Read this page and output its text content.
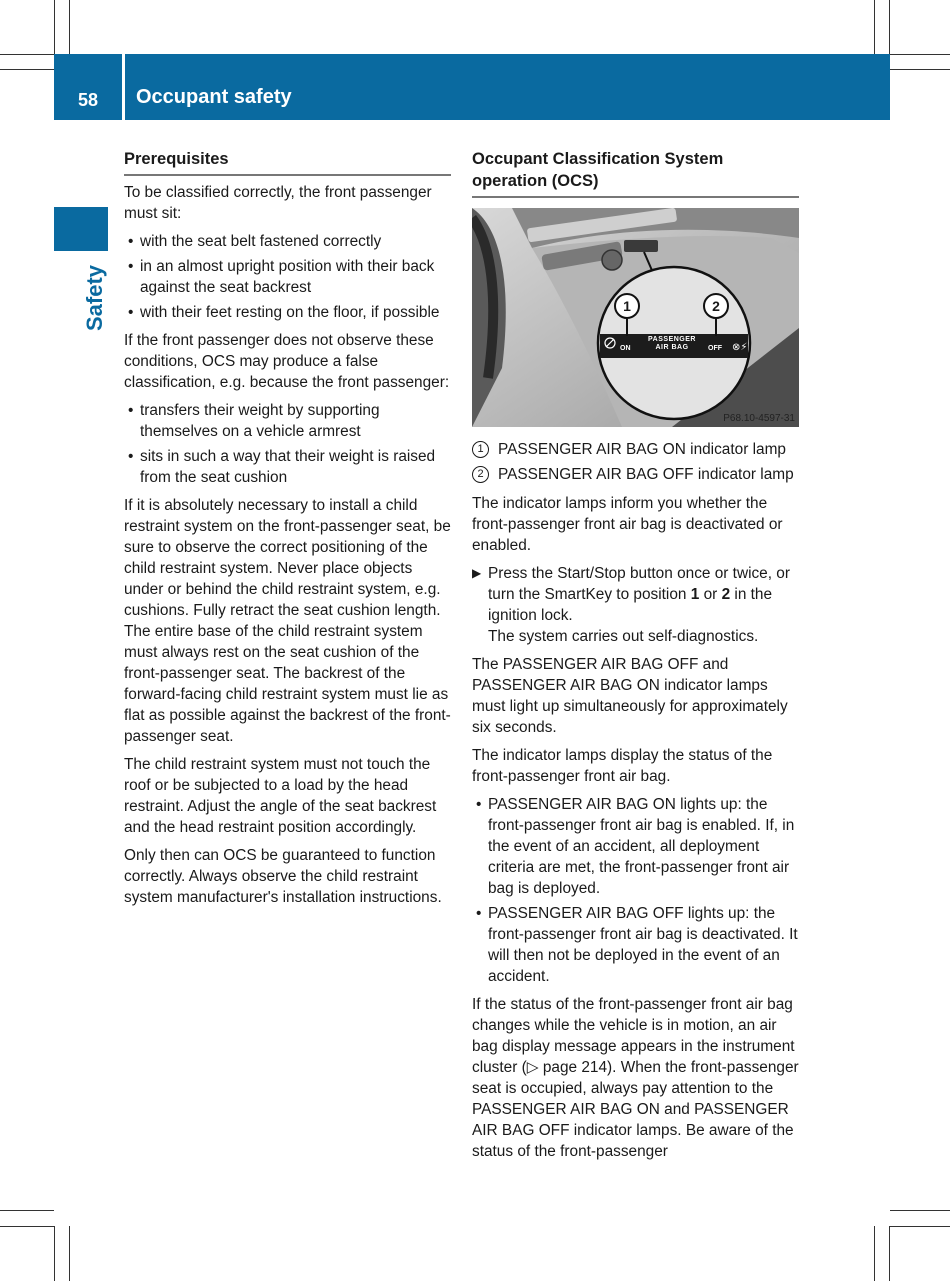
58 Occupant safety
Safety
Prerequisites

To be classified correctly, the front passenger must sit:

• with the seat belt fastened correctly
• in an almost upright position with their back against the seat backrest
• with their feet resting on the floor, if possible

If the front passenger does not observe these conditions, OCS may produce a false classification, e.g. because the front passenger:

• transfers their weight by supporting themselves on a vehicle armrest
• sits in such a way that their weight is raised from the seat cushion

If it is absolutely necessary to install a child restraint system on the front-passenger seat, be sure to observe the correct positioning of the child restraint system. Never place objects under or behind the child restraint system, e.g. cushions. Fully retract the seat cushion length. The entire base of the child restraint system must always rest on the seat cushion of the front-passenger seat. The backrest of the forward-facing child restraint system must lie as flat as possible against the backrest of the front-passenger seat.

The child restraint system must not touch the roof or be subjected to a load by the head restraint. Adjust the angle of the seat backrest and the head restraint position accordingly.

Only then can OCS be guaranteed to function correctly. Always observe the child restraint system manufacturer's installation instructions.

Occupant Classification System operation (OCS)
⊗⚡
1	2
ON
PASSENGER
AIR BAG	OFF
P68.10-4597-31
1 PASSENGER AIR BAG ON indicator lamp
2 PASSENGER AIR BAG OFF indicator lamp

The indicator lamps inform you whether the front-passenger front air bag is deactivated or enabled.

▶ Press the Start/Stop button once or twice, or turn the SmartKey to position 1 or 2 in the ignition lock.
The system carries out self-diagnostics.

The PASSENGER AIR BAG OFF and PASSENGER AIR BAG ON indicator lamps must light up simultaneously for approximately six seconds.

The indicator lamps display the status of the front-passenger front air bag.

• PASSENGER AIR BAG ON lights up: the front-passenger front air bag is enabled. If, in the event of an accident, all deployment criteria are met, the front-passenger front air bag is deployed.
• PASSENGER AIR BAG OFF lights up: the front-passenger front air bag is deactivated. It will then not be deployed in the event of an accident.

If the status of the front-passenger front air bag changes while the vehicle is in motion, an air bag display message appears in the instrument cluster (▷ page 214). When the front-passenger seat is occupied, always pay attention to the PASSENGER AIR BAG ON and PASSENGER AIR BAG OFF indicator lamps. Be aware of the status of the front-passenger
